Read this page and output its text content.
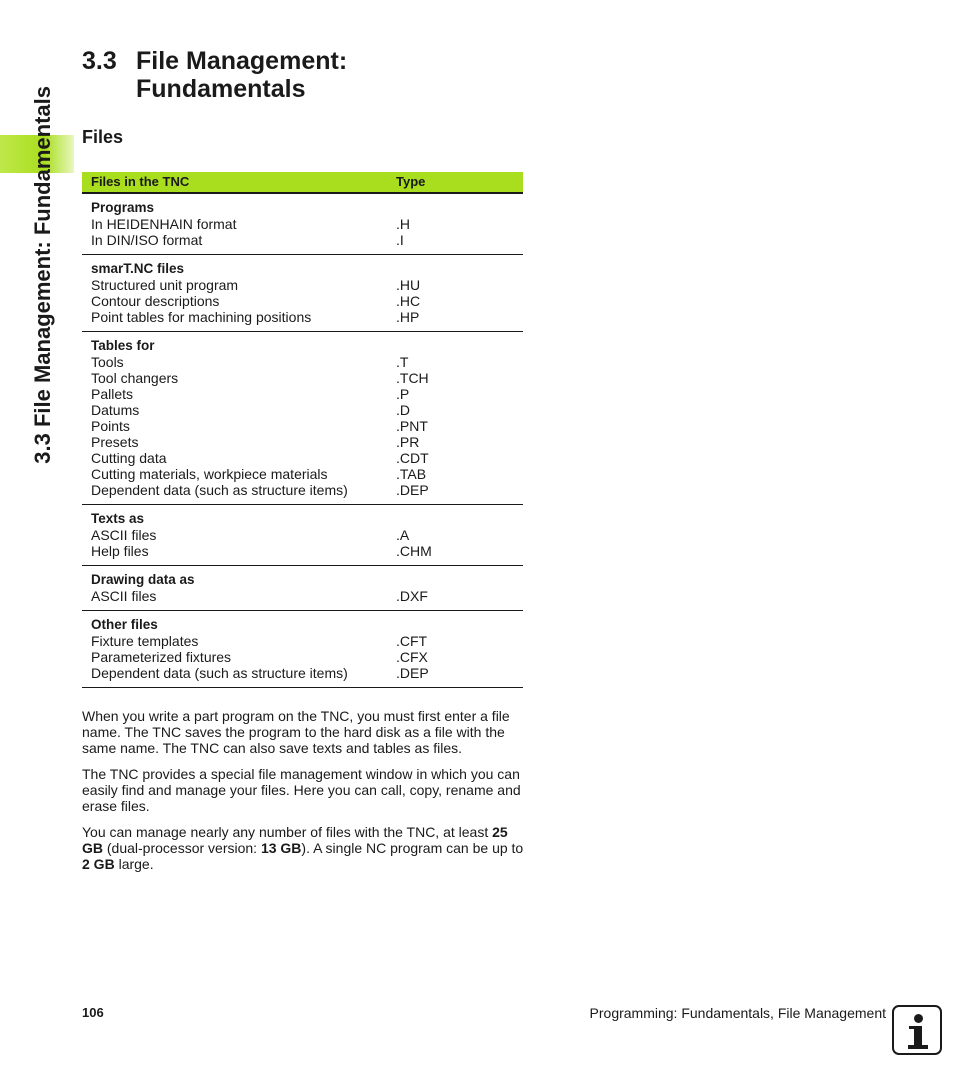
3.3 File Management: Fundamentals
3.3 File Management:
Fundamentals
Files
Files in the TNC	Type
Programs
In HEIDENHAIN format	.H
In DIN/ISO format	.I
smarT.NC files
Structured unit program	.HU
Contour descriptions	.HC
Point tables for machining positions	.HP
Tables for
Tools	.T
Tool changers	.TCH
Pallets	.P
Datums	.D
Points	.PNT
Presets	.PR
Cutting data	.CDT
Cutting materials, workpiece materials	.TAB
Dependent data (such as structure items)	.DEP
Texts as
ASCII files	.A
Help files	.CHM
Drawing data as
ASCII files	.DXF
Other files
Fixture templates	.CFT
Parameterized fixtures	.CFX
Dependent data (such as structure items)	.DEP

When you write a part program on the TNC, you must first enter a file name. The TNC saves the program to the hard disk as a file with the same name. The TNC can also save texts and tables as files.

The TNC provides a special file management window in which you can easily find and manage your files. Here you can call, copy, rename and erase files.

You can manage nearly any number of files with the TNC, at least 25 GB (dual-processor version: 13 GB). A single NC program can be up to 2 GB large.

106	Programming: Fundamentals, File Management
